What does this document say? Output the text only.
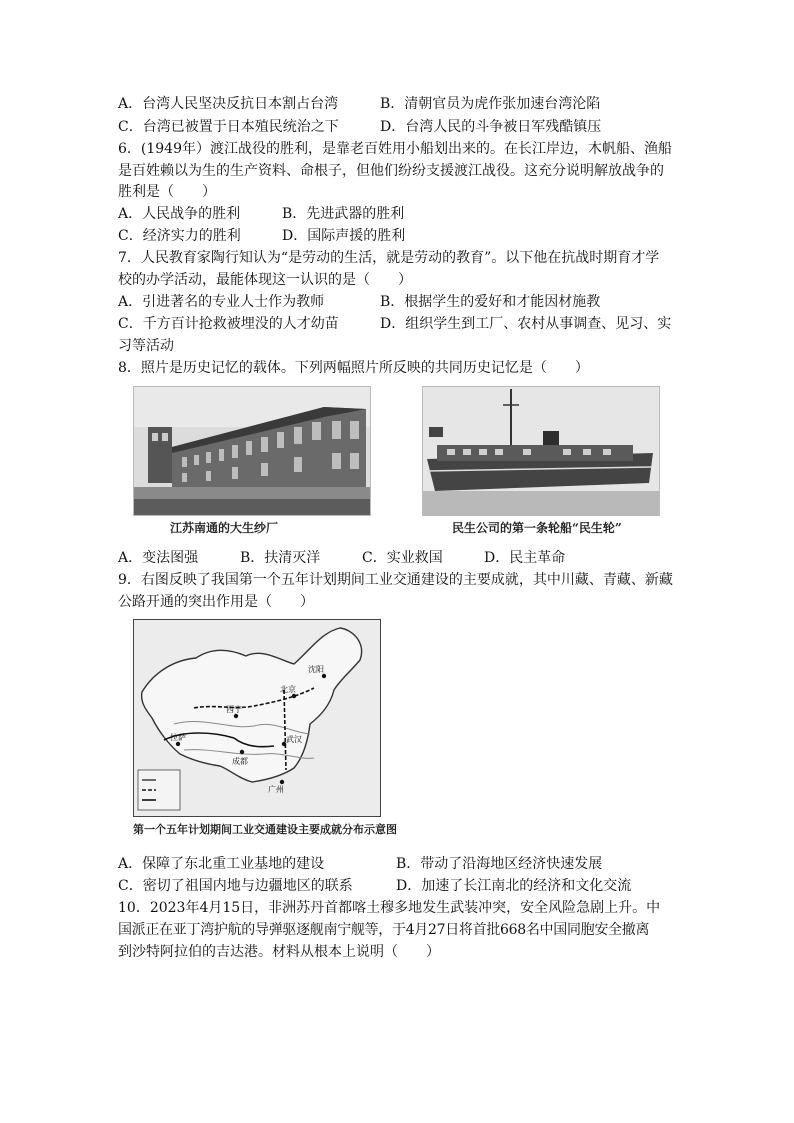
A．台湾人民坚决反抗日本割占台湾	B．清朝官员为虎作张加速台湾沦陷
C．台湾已被置于日本殖民统治之下	D．台湾人民的斗争被日军残酷镇压
6．(1949年）渡江战役的胜利，是靠老百姓用小船划出来的。在长江岸边，木帆船、渔船
是百姓赖以为生的生产资料、命根子，但他们纷纷支援渡江战役。这充分说明解放战争的
胜利是（　　）
A．人民战争的胜利	B．先进武器的胜利
C．经济实力的胜利	D．国际声援的胜利
7．人民教育家陶行知认为“是劳动的生活，就是劳动的教育”。以下他在抗战时期育才学
校的办学活动，最能体现这一认识的是（　　）
A．引进著名的专业人士作为教师	B．根据学生的爱好和才能因材施教
C．千方百计抢救被埋没的人才幼苗	D．组织学生到工厂、农村从事调查、见习、实
习等活动
8．照片是历史记忆的载体。下列两幅照片所反映的共同历史记忆是（　　）
江苏南通的大生纱厂	民生公司的第一条轮船“民生轮”
A．变法图强	B．扶清灭洋	C．实业救国	D．民主革命
9．右图反映了我国第一个五年计划期间工业交通建设的主要成就，其中川藏、青藏、新藏
公路开通的突出作用是（　　）
沈阳
北京
西宁
拉萨
成都
武汉
广州
第一个五年计划期间工业交通建设主要成就分布示意图
A．保障了东北重工业基地的建设	B．带动了沿海地区经济快速发展
C．密切了祖国内地与边疆地区的联系	D．加速了长江南北的经济和文化交流
10．2023年4月15日，非洲苏丹首都喀土穆多地发生武装冲突，安全风险急剧上升。中
国派正在亚丁湾护航的导弹驱逐舰南宁舰等，于4月27日将首批668名中国同胞安全撤离
到沙特阿拉伯的吉达港。材料从根本上说明（　　）
